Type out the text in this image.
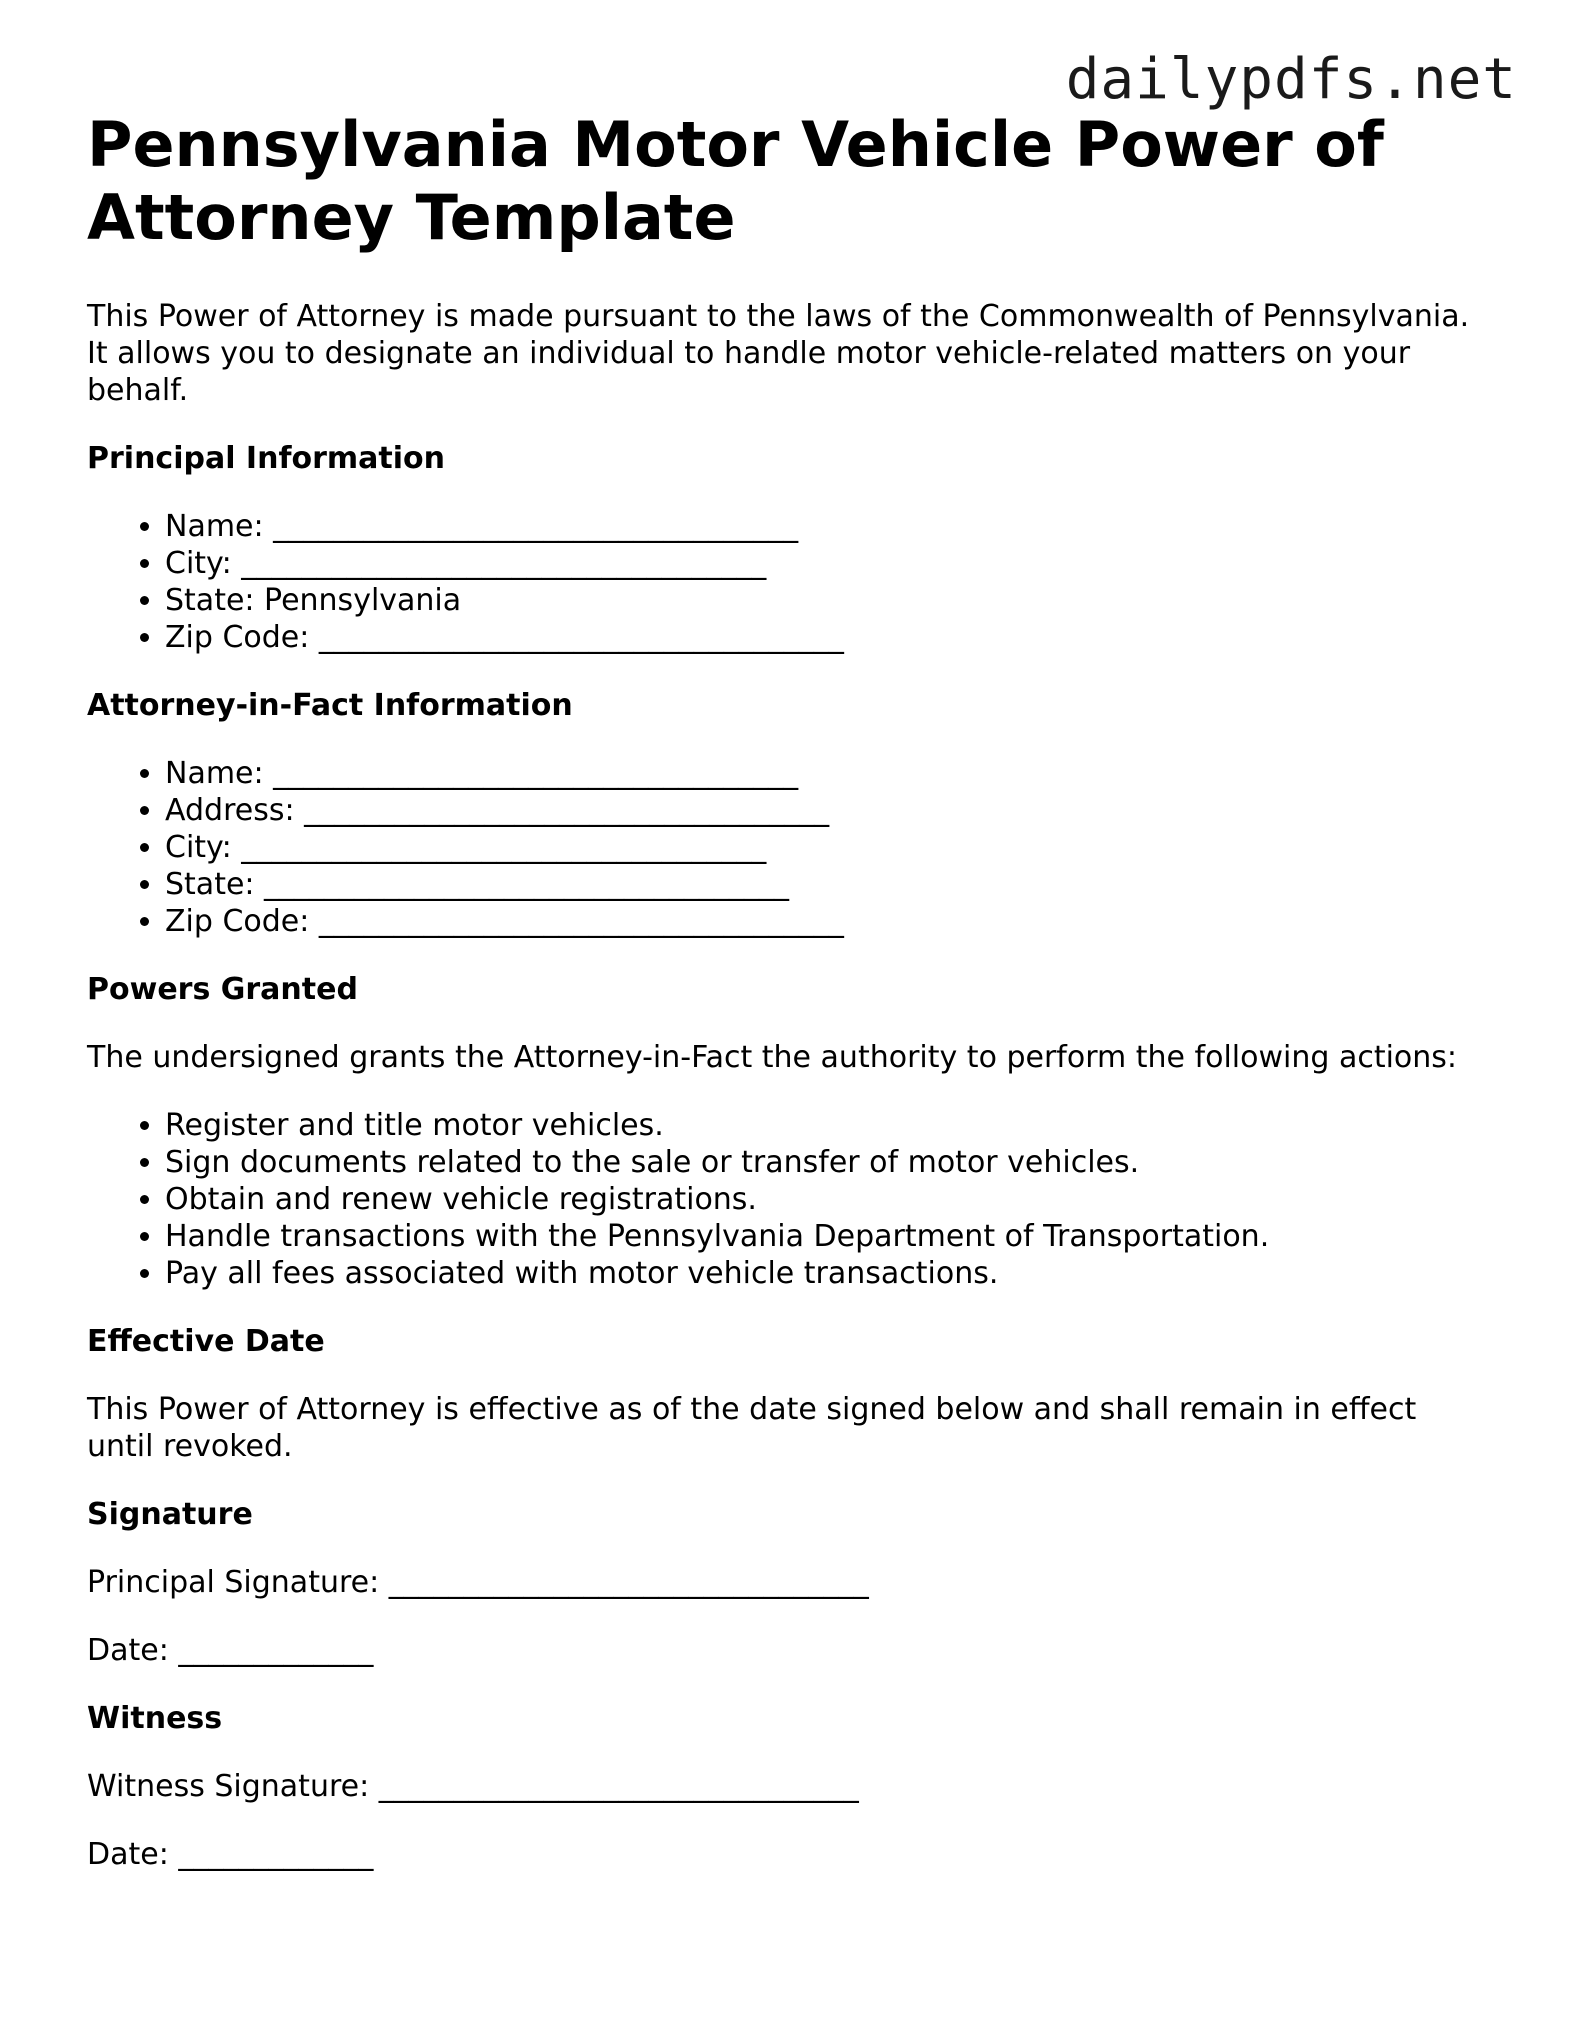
dailypdfs.net
Pennsylvania Motor Vehicle Power of Attorney Template

This Power of Attorney is made pursuant to the laws of the Commonwealth of Pennsylvania. It allows you to designate an individual to handle motor vehicle-related matters on your behalf.

Principal Information
• Name: ___________________________________
• City: ___________________________________
• State: Pennsylvania
• Zip Code: ___________________________________
Attorney-in-Fact Information
• Name: ___________________________________
• Address: ___________________________________
• City: ___________________________________
• State: ___________________________________
• Zip Code: ___________________________________
Powers Granted

The undersigned grants the Attorney-in-Fact the authority to perform the following actions:

• Register and title motor vehicles.
• Sign documents related to the sale or transfer of motor vehicles.
• Obtain and renew vehicle registrations.
• Handle transactions with the Pennsylvania Department of Transportation.
• Pay all fees associated with motor vehicle transactions.
Effective Date

This Power of Attorney is effective as of the date signed below and shall remain in effect until revoked.

Signature

Principal Signature: ________________________________

Date: _____________

Witness

Witness Signature: ________________________________

Date: _____________
